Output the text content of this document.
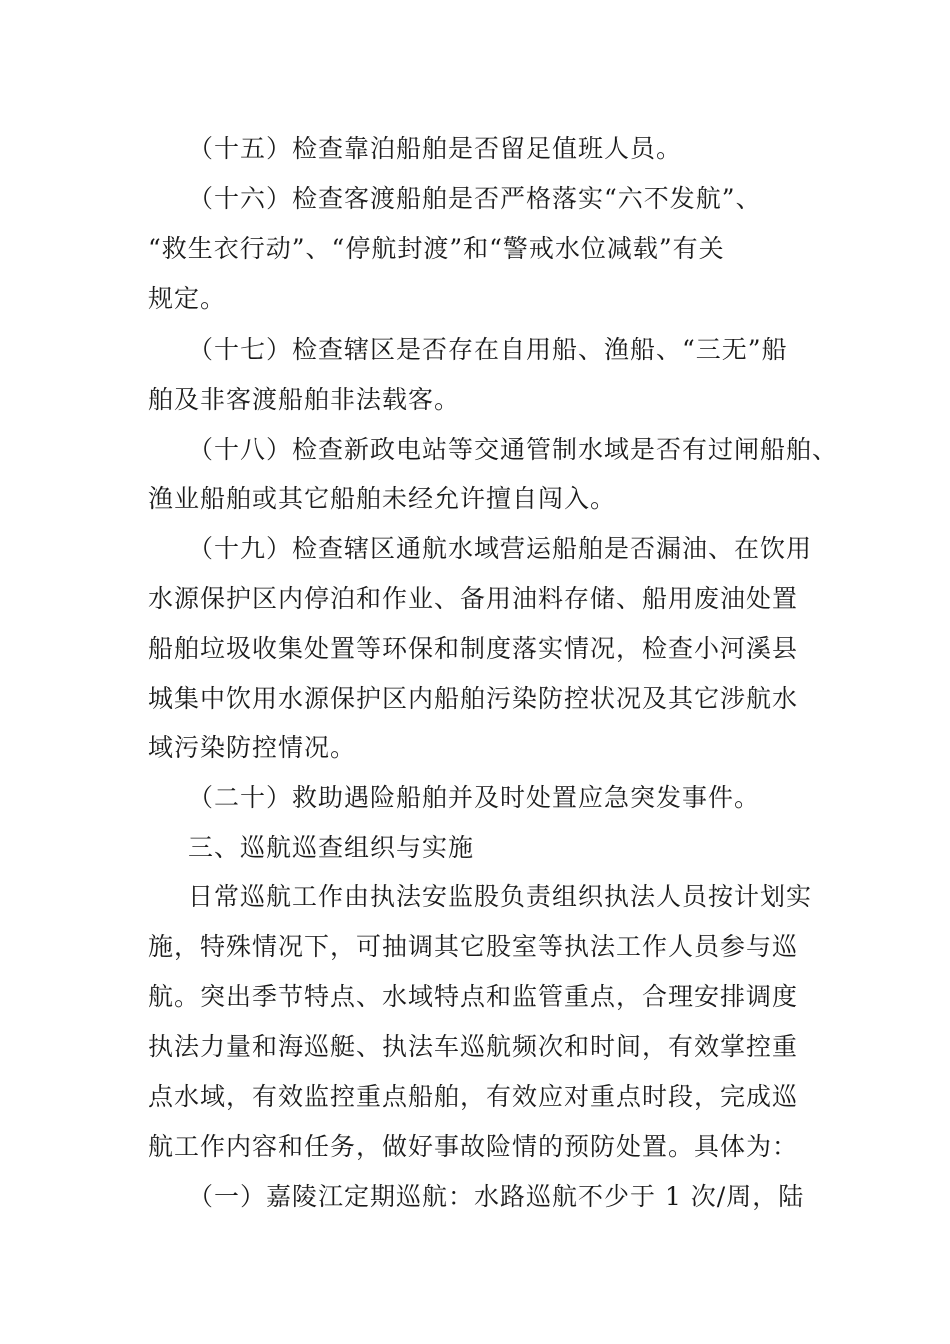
（十五）检查靠泊船舶是否留足值班人员。
（十六）检查客渡船舶是否严格落实“六不发航”、
“救生衣行动”、“停航封渡”和“警戒水位减载”有关
规定。
（十七）检查辖区是否存在自用船、渔船、“三无”船
舶及非客渡船舶非法载客。
（十八）检查新政电站等交通管制水域是否有过闸船舶、
渔业船舶或其它船舶未经允许擅自闯入。
（十九）检查辖区通航水域营运船舶是否漏油、在饮用
水源保护区内停泊和作业、备用油料存储、船用废油处置
船舶垃圾收集处置等环保和制度落实情况，检查小河溪县
城集中饮用水源保护区内船舶污染防控状况及其它涉航水
域污染防控情况。
（二十）救助遇险船舶并及时处置应急突发事件。
三、巡航巡查组织与实施
日常巡航工作由执法安监股负责组织执法人员按计划实
施，特殊情况下，可抽调其它股室等执法工作人员参与巡
航。突出季节特点、水域特点和监管重点，合理安排调度
执法力量和海巡艇、执法车巡航频次和时间，有效掌控重
点水域，有效监控重点船舶，有效应对重点时段，完成巡
航工作内容和任务，做好事故险情的预防处置。具体为：
（一）嘉陵江定期巡航：水路巡航不少于 1 次/周，陆
